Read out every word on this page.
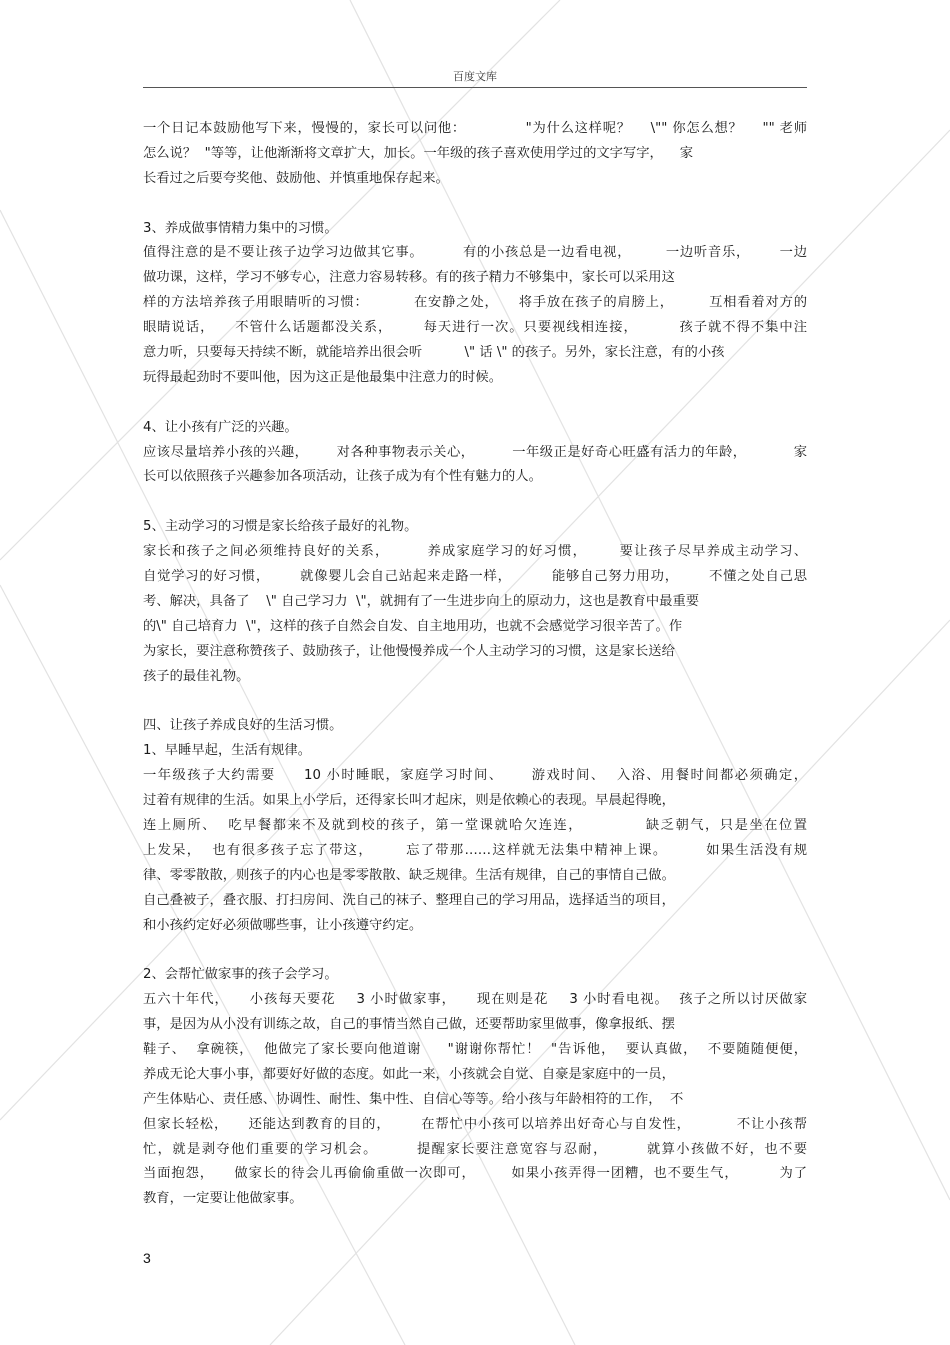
百度文库
一个日记本鼓励他写下来，慢慢的，家长可以问他：            "为什么这样呢？    \"" 你怎么想？    "" 老师
怎么说？  "等等，让他渐渐将文章扩大，加长。一年级的孩子喜欢使用学过的文字写字，    家
长看过之后要夸奖他、鼓励他、并慎重地保存起来。
3、养成做事情精力集中的习惯。
值得注意的是不要让孩子边学习边做其它事。        有的小孩总是一边看电视，       一边听音乐，      一边
做功课，这样，学习不够专心，注意力容易转移。有的孩子精力不够集中，家长可以采用这
样的方法培养孩子用眼睛听的习惯：         在安静之处，    将手放在孩子的肩膀上，       互相看着对方的
眼睛说话，    不管什么话题都没关系，      每天进行一次。只要视线相连接，        孩子就不得不集中注
意力听，只要每天持续不断，就能培养出很会听          \" 话 \" 的孩子。另外，家长注意，有的小孩
玩得最起劲时不要叫他，因为这正是他最集中注意力的时候。
4、让小孩有广泛的兴趣。
应该尽量培养小孩的兴趣，      对各种事物表示关心，        一年级正是好奇心旺盛有活力的年龄，          家
长可以依照孩子兴趣参加各项活动，让孩子成为有个性有魅力的人。
5、主动学习的习惯是家长给孩子最好的礼物。
家长和孩子之间必须维持良好的关系，       养成家庭学习的好习惯，      要让孩子尽早养成主动学习、
自觉学习的好习惯，      就像婴儿会自己站起来走路一样，        能够自己努力用功，      不懂之处自己思
考、解决，具备了    \" 自己学习力  \"，就拥有了一生进步向上的原动力，这也是教育中最重要
的\" 自己培育力  \"，这样的孩子自然会自发、自主地用功，也就不会感觉学习很辛苦了。作
为家长，要注意称赞孩子、鼓励孩子，让他慢慢养成一个人主动学习的习惯，这是家长送给
孩子的最佳礼物。
四、让孩子养成良好的生活习惯。
1、早睡早起，生活有规律。
一年级孩子大约需要     10 小时睡眠，家庭学习时间、     游戏时间、  入浴、用餐时间都必须确定，
过着有规律的生活。如果上小学后，还得家长叫才起床，则是依赖心的表现。早晨起得晚，
连上厕所、  吃早餐都来不及就到校的孩子，第一堂课就哈欠连连，           缺乏朝气，只是坐在位置
上发呆，  也有很多孩子忘了带这，      忘了带那……这样就无法集中精神上课。       如果生活没有规
律、零零散散，则孩子的内心也是零零散散、缺乏规律。生活有规律，自己的事情自己做。
自己叠被子，叠衣服、打扫房间、洗自己的袜子、整理自己的学习用品，选择适当的项目，
和小孩约定好必须做哪些事，让小孩遵守约定。
2、会帮忙做家事的孩子会学习。
五六十年代，    小孩每天要花    3 小时做家事，    现在则是花    3 小时看电视。  孩子之所以讨厌做家
事，是因为从小没有训练之故，自己的事情当然自己做，还要帮助家里做事，像拿报纸、摆
鞋子、  拿碗筷，  他做完了家长要向他道谢     "谢谢你帮忙！  "告诉他，  要认真做，  不要随随便便，
养成无论大事小事，都要好好做的态度。如此一来，小孩就会自觉、自豪是家庭中的一员，
产生体贴心、责任感、协调性、耐性、集中性、自信心等等。给小孩与年龄相符的工作，  不
但家长轻松，    还能达到教育的目的，      在帮忙中小孩可以培养出好奇心与自发性，         不让小孩帮
忙，就是剥夺他们重要的学习机会。       提醒家长要注意宽容与忍耐，       就算小孩做不好，也不要
当面抱怨，    做家长的待会儿再偷偷重做一次即可，       如果小孩弄得一团糟，也不要生气，        为了
教育，一定要让他做家事。
3
